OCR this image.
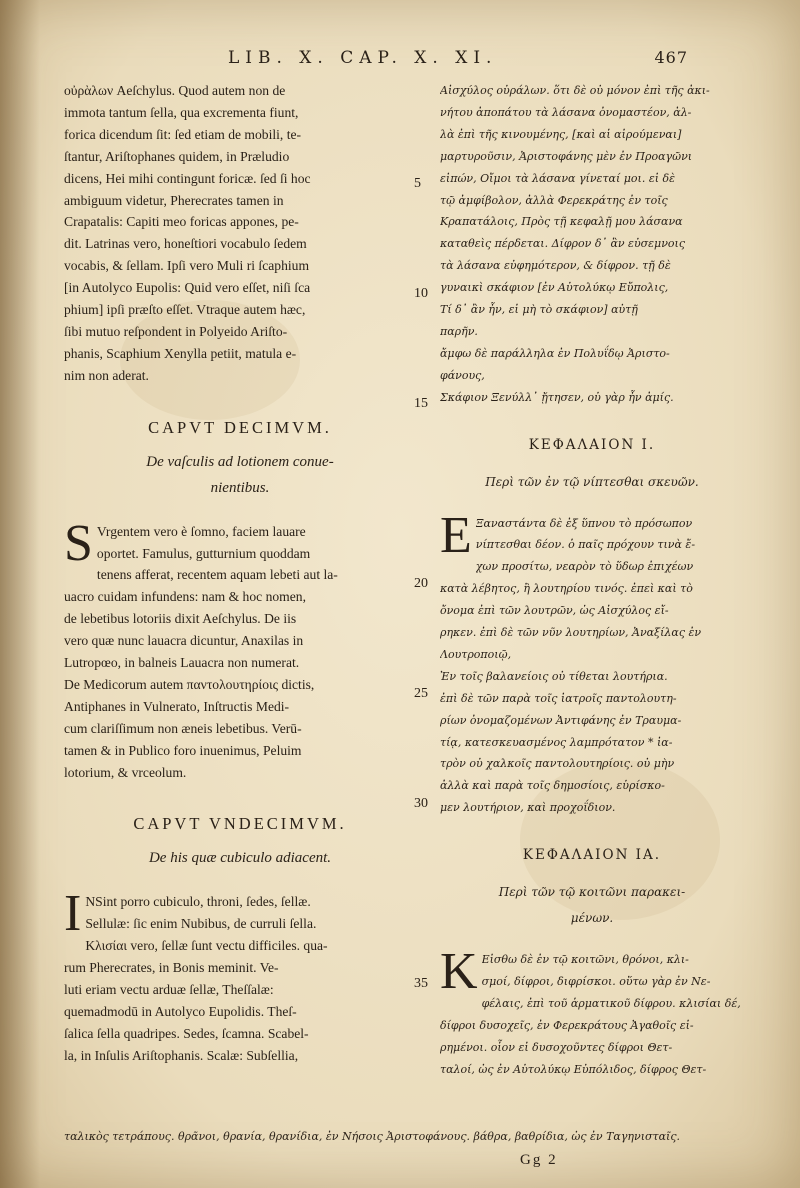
LIB. X. CAP. X. XI.	467
οὐρὰλων Aeſchylus. Quod autem non de
immota tantum ſella, qua excrementa fiunt,
forica dicendum ſit: ſed etiam de mobili, te-
ſtantur, Ariſtophanes quidem, in Præludio
dicens, Hei mihi contingunt foricæ. ſed ſi hoc
ambiguum videtur, Pherecrates tamen in
Crapatalis: Capiti meo foricas appones, pe-
dit. Latrinas vero, honeſtiori vocabulo ſedem
vocabis, & ſellam. Ipſi vero Muli ri ſcaphium
[in Autolyco Eupolis: Quid vero eſſet, niſi ſca
phium] ipſi præſto eſſet. Vtraque autem hæc,
ſibi mutuo reſpondent in Polyeido Ariſto-
phanis, Scaphium Xenylla petiit, matula e-
nim non aderat.
CAPVT DECIMVM.
De vaſculis ad lotionem conue-
nientibus.
S Vrgentem vero è ſomno, faciem lauare
oportet. Famulus, gutturnium quoddam
tenens afferat, recentem aquam lebeti aut la-
uacro cuidam infundens: nam & hoc nomen,
de lebetibus lotoriis dixit Aeſchylus. De iis
vero quæ nunc lauacra dicuntur, Anaxilas in
Lutropœo, in balneis Lauacra non numerat.
De Medicorum autem παντολουτηρίοις dictis,
Antiphanes in Vulnerato, Inſtructis Medi-
cum clariſſimum non æneis lebetibus. Verū-
tamen & in Publico foro inuenimus, Peluim
lotorium, & vrceolum.
CAPVT VNDECIMVM.
De his quæ cubiculo adiacent.
I NSint porro cubiculo, throni, ſedes, ſellæ.
Sellulæ: ſic enim Nubibus, de curruli ſella.
Κλισίαι vero, ſellæ ſunt vectu difficiles. qua-
rum Pherecrates, in Bonis meminit. Ve-
luti eriam vectu arduæ ſellæ, Theſſalæ:
quemadmodū in Autolyco Eupolidis. Theſ-
ſalica ſella quadripes. Sedes, ſcamna. Scabel-
la, in Inſulis Ariſtophanis. Scalæ: Subſellia,
5
10
15
20
25
30
35
Αἰσχύλος οὐράλων. ὅτι δὲ οὐ μόνον ἐπὶ τῆς ἀκι-
νήτου ἀποπάτου τὰ λάσανα ὀνομαστέον, ἀλ-
λὰ ἐπὶ τῆς κινουμένης, [καὶ αἱ αἰρούμεναι]
μαρτυροῦσιν, Ἀριστοφάνης μὲν ἐν Προαγῶνι
εἰπών, Οἴμοι τὰ λάσανα γίνεταί μοι. εἰ δὲ
τῷ ἀμφίβολον, ἀλλὰ Φερεκράτης ἐν τοῖς
Κραπατάλοις, Πρὸς τῇ κεφαλῇ μου λάσανα
καταθεὶς πέρδεται. Δίφρον δ᾽ ἂν εὐσεμνοις
τὰ λάσανα εὐφημότερον, & δίφρον. τῇ δὲ
γυναικὶ σκάφιον [ἐν Αὐτολύκῳ Εὔπολις,
Τί δ᾽ ἂν ἦν, εἰ μὴ τὸ σκάφιον] αὐτῇ
παρῆν.
ἄμφω δὲ παράλληλα ἐν Πολυΐδῳ Ἀριστο-
φάνους,
Σκάφιον Ξενύλλ᾽ ᾔτησεν, οὐ γὰρ ἦν ἀμίς.
ΚΕΦΑΛΑΙΟΝ Ι.
Περὶ τῶν ἐν τῷ νίπτεσθαι σκευῶν.
Ε Ξαναστάντα δὲ ἐξ ὕπνου τὸ πρόσωπον
νίπτεσθαι δέον. ὁ παῖς πρόχουν τινὰ ἔ-
χων προσίτω, νεαρὸν τὸ ὕδωρ ἐπιχέων
κατὰ λέβητος, ἢ λουτηρίου τινός. ἐπεὶ καὶ τὸ
ὄνομα ἐπὶ τῶν λουτρῶν, ὡς Αἰσχύλος εἴ-
ρηκεν. ἐπὶ δὲ τῶν νῦν λουτηρίων, Ἀναξίλας ἐν
Λουτροποιῷ,
Ἐν τοῖς βαλανείοις οὐ τίθεται λουτήρια.
ἐπὶ δὲ τῶν παρὰ τοῖς ἰατροῖς παντολουτη-
ρίων ὀνομαζομένων Ἀντιφάνης ἐν Τραυμα-
τίᾳ, κατεσκευασμένος λαμπρότατον * ἰα-
τρὸν οὐ χαλκοῖς παντολουτηρίοις. οὐ μὴν
ἀλλὰ καὶ παρὰ τοῖς δημοσίοις, εὑρίσκο-
μεν λουτήριον, καὶ προχοΐδιον.
ΚΕΦΑΛΑΙΟΝ ΙΑ.
Περὶ τῶν τῷ κοιτῶνι παρακει-
μένων.
Κ Εἰσθω δὲ ἐν τῷ κοιτῶνι, θρόνοι, κλι-
σμοί, δίφροι, διφρίσκοι. οὕτω γὰρ ἐν Νε-
φέλαις, ἐπὶ τοῦ ἁρματικοῦ δίφρου. κλισίαι δέ,
δίφροι δυσοχεῖς, ἐν Φερεκράτους Ἀγαθοῖς εἰ-
ρημένοι. οἷον εἰ δυσοχοῦντες δίφροι Θετ-
ταλοί, ὡς ἐν Αὐτολύκῳ Εὐπόλιδος, δίφρος Θετ-
ταλικὸς τετράπους. θρᾶνοι, θρανία, θρανίδια, ἐν Νήσοις Ἀριστοφάνους. βάθρα, βαθρίδια, ὡς ἐν Ταγηνισταῖς.
Gg 2
